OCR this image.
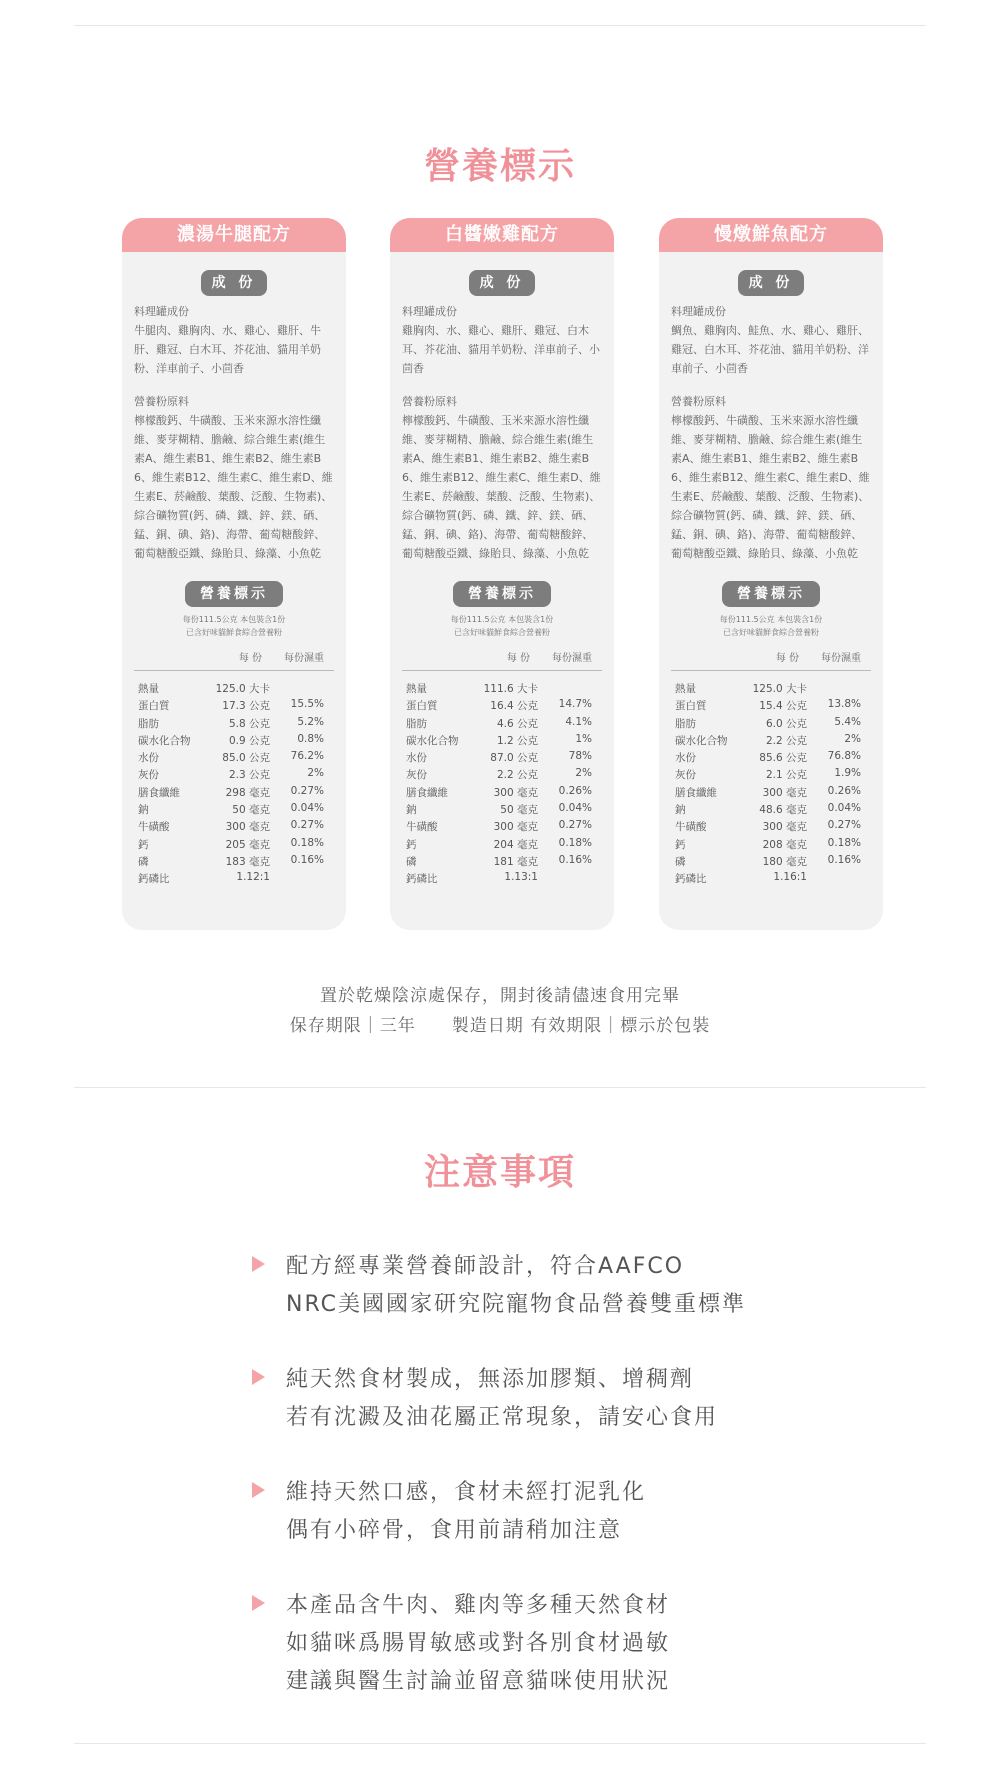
營養標示
濃湯牛腿配方
成 份
料理罐成份
牛腿肉、雞胸肉、水、雞心、雞肝、牛肝、雞冠、白木耳、芥花油、貓用羊奶粉、洋車前子、小茴香
營養粉原料
檸檬酸鈣、牛磺酸、玉米來源水溶性纖維、麥芽糊精、膽鹼、綜合維生素(維生素A、維生素B1、維生素B2、維生素B6、維生素B12、維生素C、維生素D、維生素E、菸鹼酸、葉酸、泛酸、生物素)、綜合礦物質(鈣、磷、鐵、鋅、鎂、硒、錳、銅、碘、鉻)、海帶、葡萄糖酸鋅、葡萄糖酸亞鐵、綠貽貝、綠藻、小魚乾
營養標示
每份111.5公克 本包裝含1份
已含好味貓鮮食綜合營養粉
每 份 每份濕重
熱量	125.0 大卡
蛋白質	17.3 公克 15.5%
脂肪	5.8 公克	5.2%
碳水化合物	0.9 公克	0.8%
水份	85.0 公克 76.2%
灰份	2.3 公克	2%
膳食纖維	298 毫克 0.27%
鈉	50 毫克 0.04%
牛磺酸	300 毫克 0.27%
鈣	205 毫克 0.18%
磷	183 毫克 0.16%
鈣磷比	1.12:1
白醬嫩雞配方
成 份
料理罐成份
雞胸肉、水、雞心、雞肝、雞冠、白木耳、芥花油、貓用羊奶粉、洋車前子、小茴香
營養粉原料
檸檬酸鈣、牛磺酸、玉米來源水溶性纖維、麥芽糊精、膽鹼、綜合維生素(維生素A、維生素B1、維生素B2、維生素B6、維生素B12、維生素C、維生素D、維生素E、菸鹼酸、葉酸、泛酸、生物素)、綜合礦物質(鈣、磷、鐵、鋅、鎂、硒、錳、銅、碘、鉻)、海帶、葡萄糖酸鋅、葡萄糖酸亞鐵、綠貽貝、綠藻、小魚乾
營養標示
每份111.5公克 本包裝含1份
已含好味貓鮮食綜合營養粉
每 份 每份濕重
熱量	111.6 大卡
蛋白質	16.4 公克 14.7%
脂肪	4.6 公克	4.1%
碳水化合物	1.2 公克	1%
水份	87.0 公克	78%
灰份	2.2 公克	2%
膳食纖維	300 毫克 0.26%
鈉	50 毫克 0.04%
牛磺酸	300 毫克 0.27%
鈣	204 毫克 0.18%
磷	181 毫克 0.16%
鈣磷比	1.13:1
慢燉鮮魚配方
成 份
料理罐成份
鯛魚、雞胸肉、鮭魚、水、雞心、雞肝、雞冠、白木耳、芥花油、貓用羊奶粉、洋車前子、小茴香
營養粉原料
檸檬酸鈣、牛磺酸、玉米來源水溶性纖維、麥芽糊精、膽鹼、綜合維生素(維生素A、維生素B1、維生素B2、維生素B6、維生素B12、維生素C、維生素D、維生素E、菸鹼酸、葉酸、泛酸、生物素)、綜合礦物質(鈣、磷、鐵、鋅、鎂、硒、錳、銅、碘、鉻)、海帶、葡萄糖酸鋅、葡萄糖酸亞鐵、綠貽貝、綠藻、小魚乾
營養標示
每份111.5公克 本包裝含1份
已含好味貓鮮食綜合營養粉
每 份 每份濕重
熱量	125.0 大卡
蛋白質	15.4 公克 13.8%
脂肪	6.0 公克	5.4%
碳水化合物	2.2 公克	2%
水份	85.6 公克 76.8%
灰份	2.1 公克	1.9%
膳食纖維	300 毫克 0.26%
鈉	48.6 毫克 0.04%
牛磺酸	300 毫克 0.27%
鈣	208 毫克 0.18%
磷	180 毫克 0.16%
鈣磷比	1.16:1
置於乾燥陰涼處保存，開封後請儘速食用完畢
保存期限｜三年　　製造日期 有效期限｜標示於包裝
注意事項
配方經專業營養師設計，符合AAFCO
NRC美國國家研究院寵物食品營養雙重標準
純天然食材製成，無添加膠類、增稠劑
若有沈澱及油花屬正常現象，請安心食用
維持天然口感，食材未經打泥乳化
偶有小碎骨，食用前請稍加注意
本產品含牛肉、雞肉等多種天然食材
如貓咪爲腸胃敏感或對各別食材過敏
建議與醫生討論並留意貓咪使用狀況
